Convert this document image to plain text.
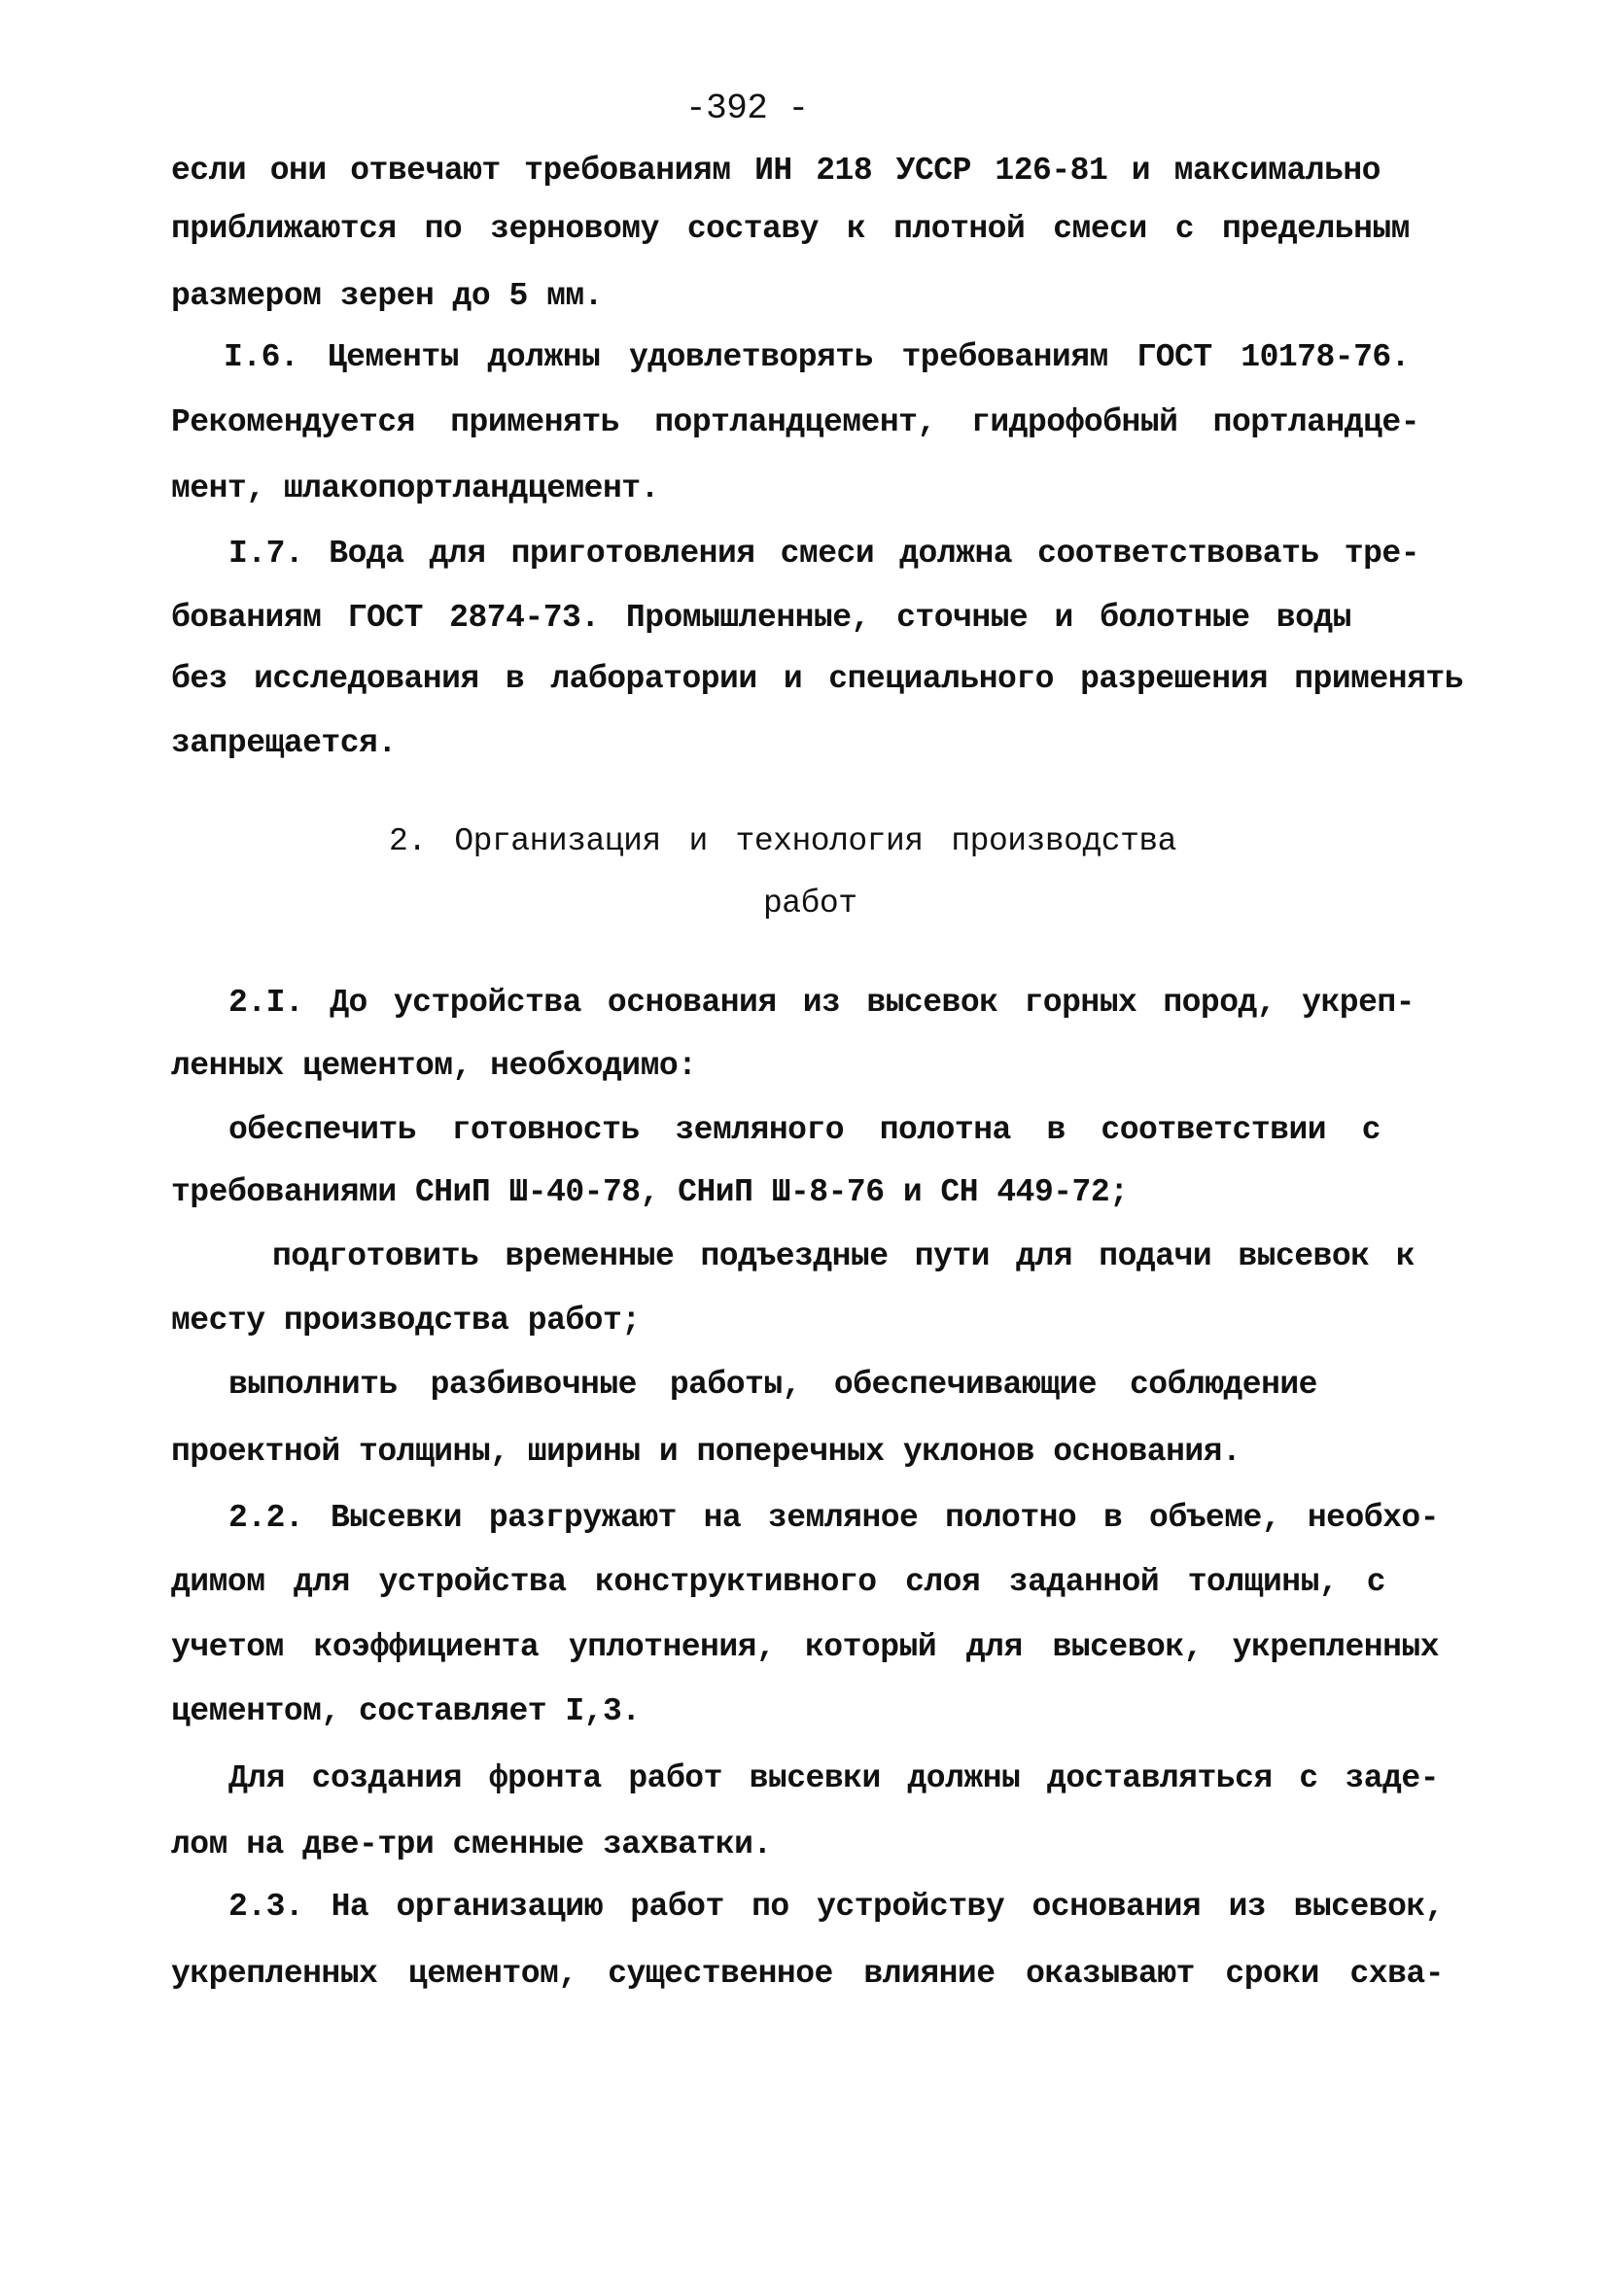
-392 -
если они отвечают требованиям ИН 218 УССР 126-81 и максимально
приближаются по зерновому составу к плотной смеси с предельным
размером зерен до 5 мм.
I.6. Цементы должны удовлетворять требованиям ГОСТ 10178-76.
Рекомендуется применять портландцемент, гидрофобный портландце-
мент, шлакопортландцемент.
I.7. Вода для приготовления смеси должна соответствовать тре-
бованиям ГОСТ 2874-73. Промышленные, сточные и болотные воды
без исследования в лаборатории и специального разрешения применять
запрещается.
2. Организация и технология производства
работ
2.I. До устройства основания из высевок горных пород, укреп-
ленных цементом, необходимо:
обеспечить готовность земляного полотна в соответствии с
требованиями СНиП Ш-40-78, СНиП Ш-8-76 и СН 449-72;
подготовить временные подъездные пути для подачи высевок к
месту производства работ;
выполнить разбивочные работы, обеспечивающие соблюдение
проектной толщины, ширины и поперечных уклонов основания.
2.2. Высевки разгружают на земляное полотно в объеме, необхо-
димом для устройства конструктивного слоя заданной толщины, с
учетом коэффициента уплотнения, который для высевок, укрепленных
цементом, составляет I,3.
Для создания фронта работ высевки должны доставляться с заде-
лом на две-три сменные захватки.
2.3. На организацию работ по устройству основания из высевок,
укрепленных цементом, существенное влияние оказывают сроки схва-
